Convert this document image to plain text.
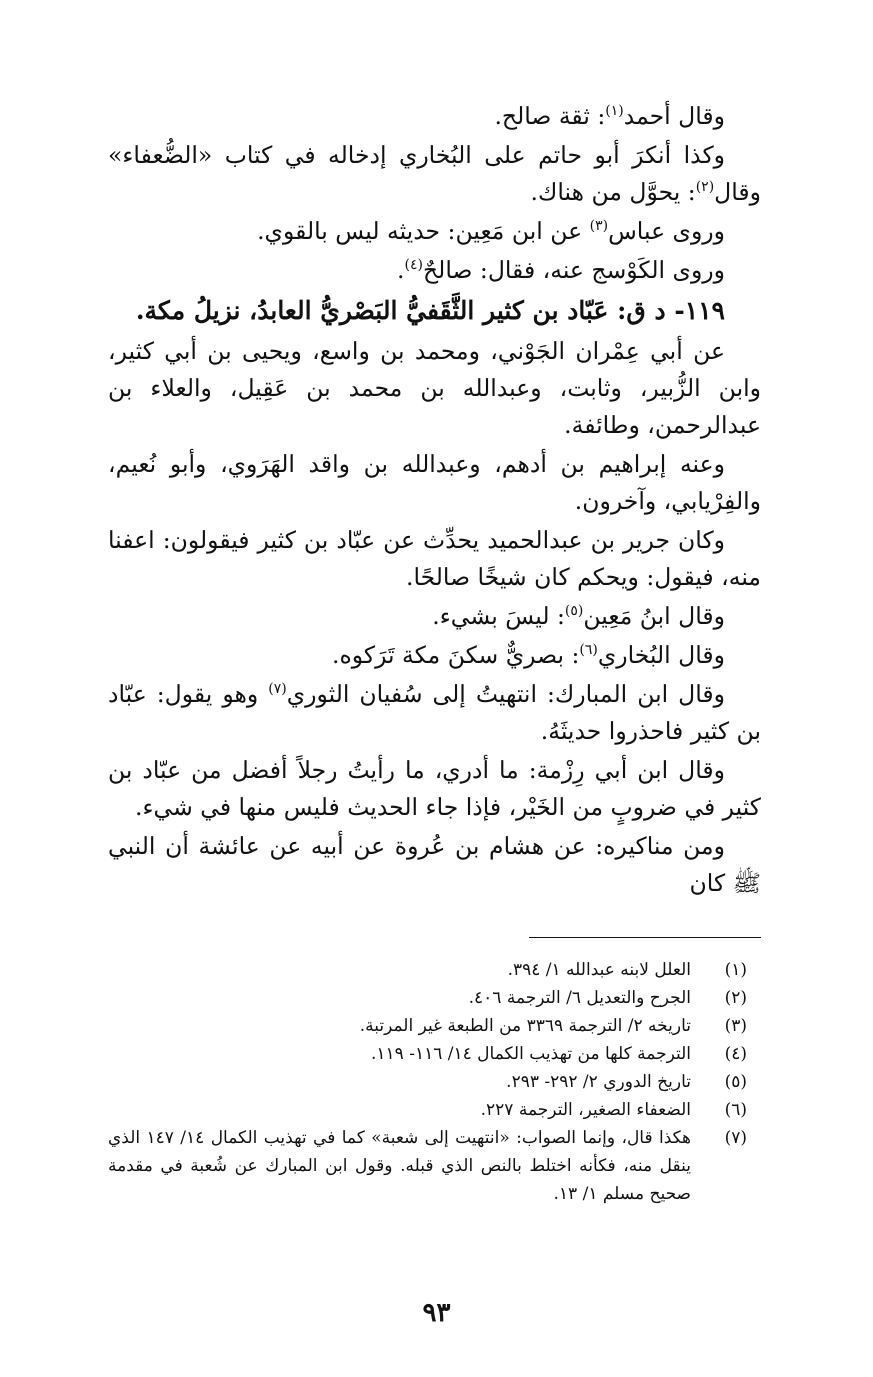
وقال أحمد$^{(١)}$: ثقة صالح.

وكذا أنكرَ أبو حاتم على البُخاري إدخاله في كتاب «الضُّعفاء» وقال$^{(٢)}$: يحوَّل من هناك.

وروى عباس$^{(٣)}$ عن ابن مَعِين: حديثه ليس بالقوي.

وروى الكَوْسج عنه، فقال: صالحٌ$^{(٤)}$.

١١٩- د ق: عَبّاد بن كثير الثَّقَفيُّ البَصْريُّ العابدُ، نزيلُ مكة.

عن أبي عِمْران الجَوْني، ومحمد بن واسع، ويحيى بن أبي كثير، وابن الزُّبير، وثابت، وعبدالله بن محمد بن عَقِيل، والعلاء بن عبدالرحمن، وطائفة.

وعنه إبراهيم بن أدهم، وعبدالله بن واقد الهَرَوي، وأبو نُعيم، والفِرْيابي، وآخرون.

وكان جرير بن عبدالحميد يحدِّث عن عبّاد بن كثير فيقولون: اعفنا منه، فيقول: ويحكم كان شيخًا صالحًا.

وقال ابنُ مَعِين$^{(٥)}$: ليسَ بشيء.

وقال البُخاري$^{(٦)}$: بصريٌّ سكنَ مكة تَرَكوه.

وقال ابن المبارك: انتهيتُ إلى سُفيان الثوري$^{(٧)}$ وهو يقول: عبّاد بن كثير فاحذروا حديثَهُ.

وقال ابن أبي رِزْمة: ما أدري، ما رأيتُ رجلاً أفضل من عبّاد بن كثير في ضروبٍ من الخَيْر، فإذا جاء الحديث فليس منها في شيء.

ومن مناكيره: عن هشام بن عُروة عن أبيه عن عائشة أن النبي ﷺ كان

(١)
العلل لابنه عبدالله ١/ ٣٩٤.
(٢)
الجرح والتعديل ٦/ الترجمة ٤٠٦.
(٣)
تاريخه ٢/ الترجمة ٣٣٦٩ من الطبعة غير المرتبة.
(٤)
الترجمة كلها من تهذيب الكمال ١٤/ ١١٦- ١١٩.
(٥)
تاريخ الدوري ٢/ ٢٩٢- ٢٩٣.
(٦)
الضعفاء الصغير، الترجمة ٢٢٧.
(٧)
هكذا قال، وإنما الصواب: «انتهيت إلى شعبة» كما في تهذيب الكمال ١٤/ ١٤٧ الذي ينقل منه، فكأنه اختلط بالنص الذي قبله. وقول ابن المبارك عن شُعبة في مقدمة صحيح مسلم ١/ ١٣.
٩٣
